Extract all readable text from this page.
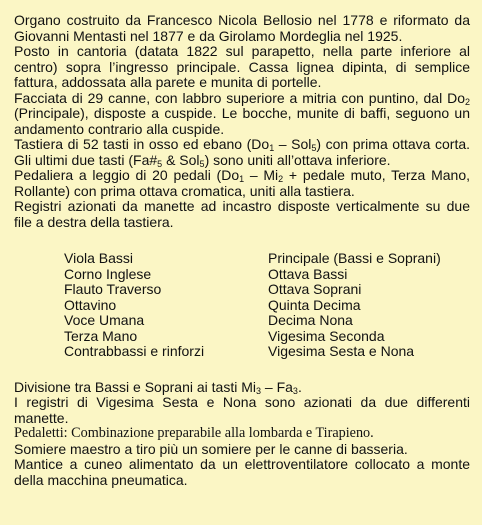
Organo costruito da Francesco Nicola Bellosio nel 1778 e riformato da Giovanni Mentasti nel 1877 e da Girolamo Mordeglia nel 1925.

Posto in cantoria (datata 1822 sul parapetto, nella parte inferiore al centro) sopra l’ingresso principale. Cassa lignea dipinta, di semplice fattura, addossata alla parete e munita di portelle.

Facciata di 29 canne, con labbro superiore a mitria con puntino, dal $Do_2$ (Principale), disposte a cuspide. Le bocche, munite di baffi, seguono un andamento contrario alla cuspide.

Tastiera di 52 tasti in osso ed ebano $(Do_1 - Sol_5)$ con prima ottava corta. Gli ultimi due tasti ($Fa\#_5$ & Sol$_5$) sono uniti all’ottava inferiore.

Pedaliera a leggio di 20 pedali ($Do_1 - Mi_2$ + pedale muto, Terza Mano, Rollante) con prima ottava cromatica, uniti alla tastiera.

Registri azionati da manette ad incastro disposte verticalmente su due file a destra della tastiera.

Viola Bassi
Corno Inglese
Flauto Traverso
Ottavino
Voce Umana
Terza Mano
Contrabbassi e rinforzi
Principale (Bassi e Soprani)
Ottava Bassi
Ottava Soprani
Quinta Decima
Decima Nona
Vigesima Seconda
Vigesima Sesta e Nona

Divisione tra Bassi e Soprani ai tasti $Mi_3 - Fa_3$.

I registri di Vigesima Sesta e Nona sono azionati da due differenti manette.

Pedaletti: Combinazione preparabile alla lombarda e Tirapieno.

Somiere maestro a tiro più un somiere per le canne di basseria.

Mantice a cuneo alimentato da un elettroventilatore collocato a monte della macchina pneumatica.
